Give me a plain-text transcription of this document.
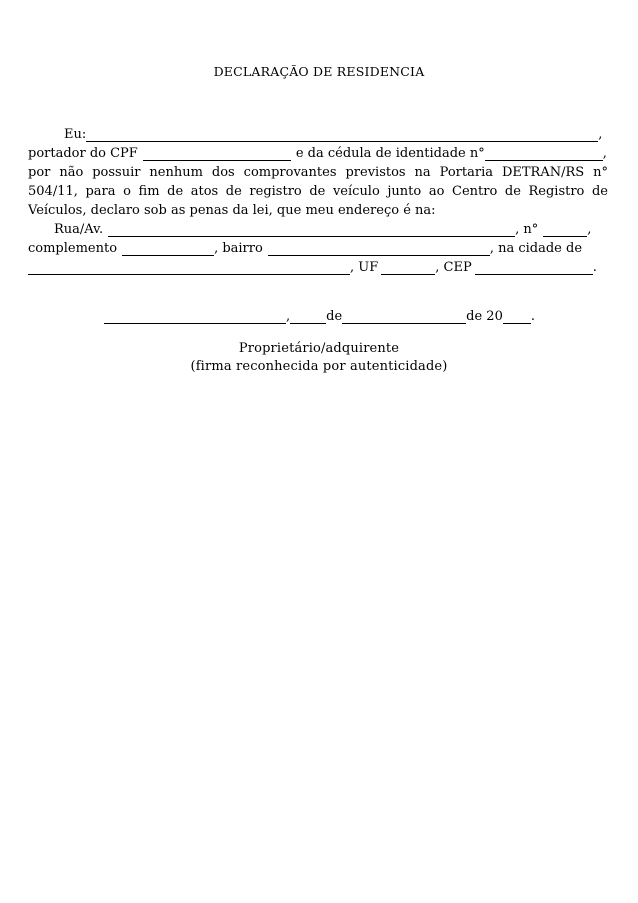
DECLARAÇÃO DE RESIDENCIA
Eu:	,
portador do CPF	e da cédula de identidade n°	,
por não possuir nenhum dos comprovantes previstos na Portaria DETRAN/RS n°
504/11, para o fim de atos de registro de veículo junto ao Centro de Registro de
Veículos, declaro sob as penas da lei, que meu endereço é na:
Rua/Av.	, n°	,
complemento	, bairro	, na cidade de
, UF	, CEP	.
,	de	de 20 .
Proprietário/adquirente
(firma reconhecida por autenticidade)
